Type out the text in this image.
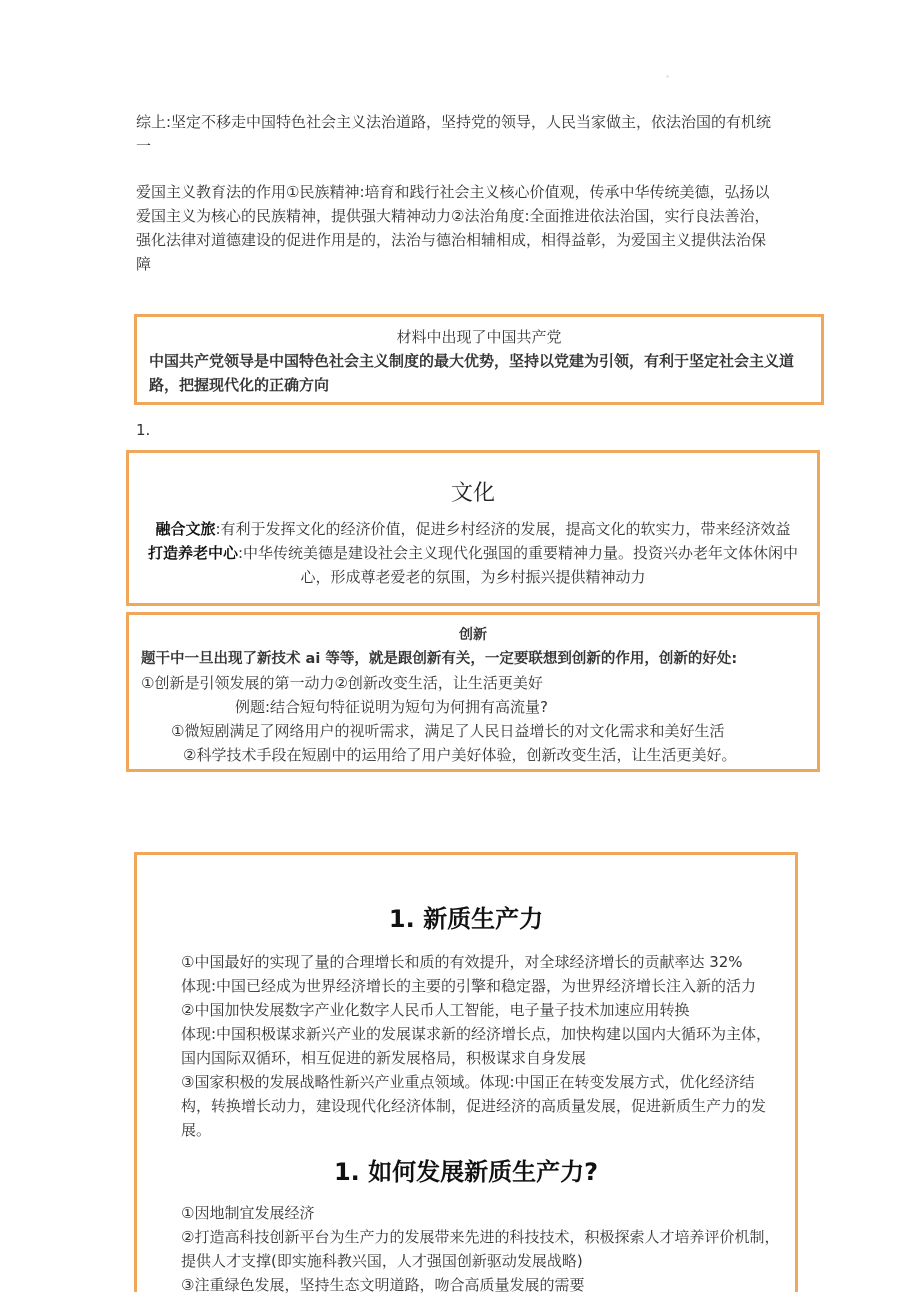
综上:坚定不移走中国特色社会主义法治道路，坚持党的领导，人民当家做主，依法治国的有机统一

爱国主义教育法的作用①民族精神:培育和践行社会主义核心价值观，传承中华传统美德，弘扬以爱国主义为核心的民族精神，提供强大精神动力②法治角度:全面推进依法治国，实行良法善治，强化法律对道德建设的促进作用是的，法治与德治相辅相成，相得益彰，为爱国主义提供法治保障

材料中出现了中国共产党

中国共产党领导是中国特色社会主义制度的最大优势，坚持以党建为引领，有利于坚定社会主义道路，把握现代化的正确方向

1.

文化

融合文旅:有利于发挥文化的经济价值，促进乡村经济的发展，提高文化的软实力，带来经济效益

打造养老中心:中华传统美德是建设社会主义现代化强国的重要精神力量。投资兴办老年文体休闲中心，形成尊老爱老的氛围，为乡村振兴提供精神动力

创新

题干中一旦出现了新技术 ai 等等，就是跟创新有关，一定要联想到创新的作用，创新的好处:

①创新是引领发展的第一动力②创新改变生活，让生活更美好

例题:结合短句特征说明为短句为何拥有高流量?

①微短剧满足了网络用户的视听需求，满足了人民日益增长的对文化需求和美好生活

②科学技术手段在短剧中的运用给了用户美好体验，创新改变生活，让生活更美好。

1. 新质生产力

①中国最好的实现了量的合理增长和质的有效提升，对全球经济增长的贡献率达 32%

体现:中国已经成为世界经济增长的主要的引擎和稳定器，为世界经济增长注入新的活力

②中国加快发展数字产业化数字人民币人工智能，电子量子技术加速应用转换

体现:中国积极谋求新兴产业的发展谋求新的经济增长点，加快构建以国内大循环为主体，国内国际双循环，相互促进的新发展格局，积极谋求自身发展

③国家积极的发展战略性新兴产业重点领域。体现:中国正在转变发展方式，优化经济结构，转换增长动力，建设现代化经济体制，促进经济的高质量发展，促进新质生产力的发展。

1. 如何发展新质生产力?

①因地制宜发展经济

②打造高科技创新平台为生产力的发展带来先进的科技技术，积极探索人才培养评价机制，提供人才支撑(即实施科教兴国，人才强国创新驱动发展战略)

③注重绿色发展，坚持生态文明道路，吻合高质量发展的需要
